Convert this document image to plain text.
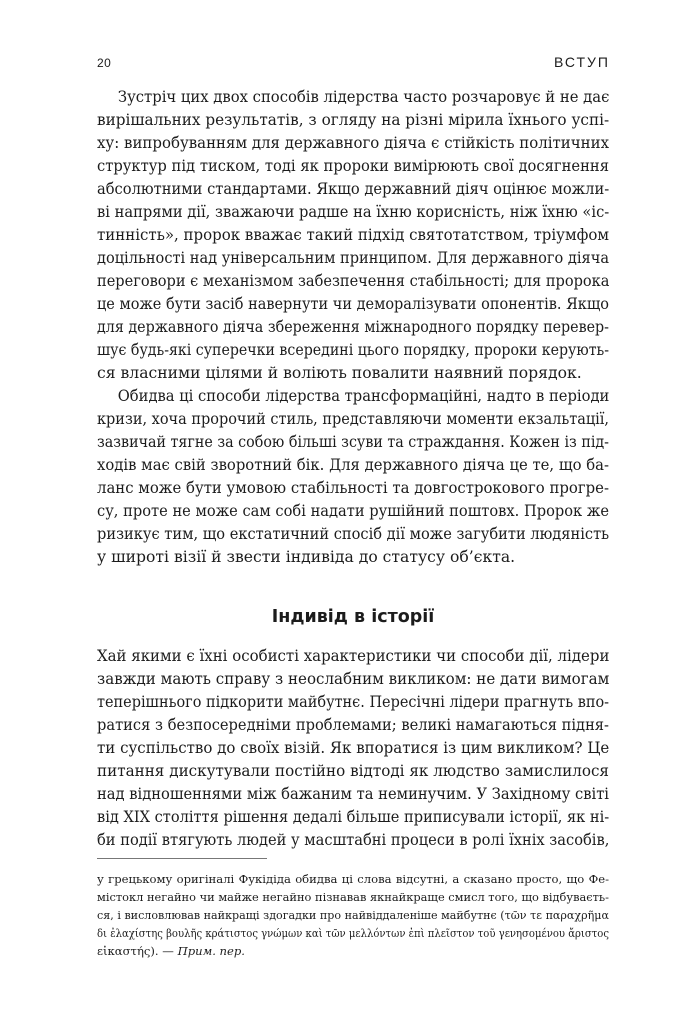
20	ВСТУП
Зустріч цих двох способів лідерства часто розчаровує й не дає
вирішальних результатів, з огляду на різні мірила їхнього успі-
ху: випробуванням для державного діяча є стійкість політичних
структур під тиском, тоді як пророки вимірюють свої досягнення
абсолютними стандартами. Якщо державний діяч оцінює можли-
ві напрями дії, зважаючи радше на їхню корисність, ніж їхню «іс-
тинність», пророк вважає такий підхід святотатством, тріумфом
доцільності над універсальним принципом. Для державного діяча
переговори є механізмом забезпечення стабільності; для пророка
це може бути засіб навернути чи деморалізувати опонентів. Якщо
для державного діяча збереження міжнародного порядку перевер-
шує будь-які суперечки всередині цього порядку, пророки керують-
ся власними цілями й воліють повалити наявний порядок.
Обидва ці способи лідерства трансформаційні, надто в періоди
кризи, хоча пророчий стиль, представляючи моменти екзальтації,
зазвичай тягне за собою більші зсуви та страждання. Кожен із під-
ходів має свій зворотний бік. Для державного діяча це те, що ба-
ланс може бути умовою стабільності та довгострокового прогре-
су, проте не може сам собі надати рушійний поштовх. Пророк же
ризикує тим, що екстатичний спосіб дії може загубити людяність
у широті візії й звести індивіда до статусу об’єкта.
Індивід в історії
Хай якими є їхні особисті характеристики чи способи дії, лідери
завжди мають справу з неослабним викликом: не дати вимогам
теперішнього підкорити майбутнє. Пересічні лідери прагнуть впо-
ратися з безпосередніми проблемами; великі намагаються підня-
ти суспільство до своїх візій. Як впоратися із цим викликом? Це
питання дискутували постійно відтоді як людство замислилося
над відношеннями між бажаним та неминучим. У Західному світі
від XIX століття рішення дедалі більше приписували історії, як ні-
би події втягують людей у масштабні процеси в ролі їхніх засобів,
у грецькому оригіналі Фукідіда обидва ці слова відсутні, а сказано просто, що Фе-
містокл негайно чи майже негайно пізнавав якнайкраще смисл того, що відбуваєть-
ся, і висловлював найкращі здогадки про найвіддаленіше майбутнє (τῶν τε παραχρῆμα
δι ἐλαχίστης βουλῆς κράτιστος γνώμων καὶ τῶν μελλόντων ἐπὶ πλεῖστον τοῦ γενησομένου ἄριστος
εἰκαστής). — Прим. пер.
